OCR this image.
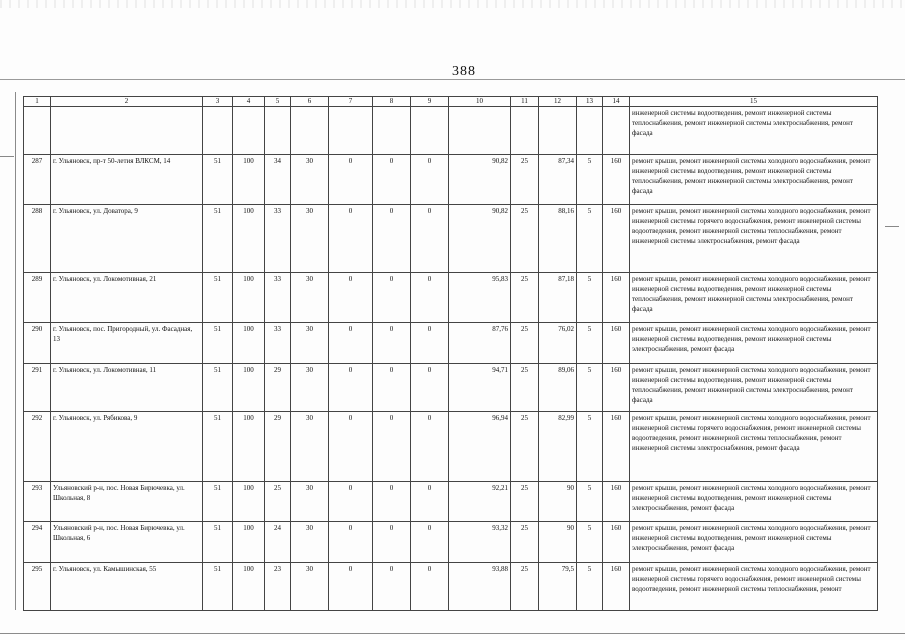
388
1	2	3	4	5	6	7	8	9	10	11	12	13	14	15
														инженерной системы водоотведения, ремонт инженерной системы теплоснабжения, ремонт инженерной системы электроснабжения, ремонт фасада
287	г. Ульяновск, пр-т 50-летия ВЛКСМ, 14	51	100	34	30	0	0	0	90,82	25	87,34	5	160	ремонт крыши, ремонт инженерной системы холодного водоснабжения, ремонт инженерной системы водоотведения, ремонт инженерной системы теплоснабжения, ремонт инженерной системы электроснабжения, ремонт фасада
288	г. Ульяновск, ул. Доватора, 9	51	100	33	30	0	0	0	90,82	25	88,16	5	160	ремонт крыши, ремонт инженерной системы холодного водоснабжения, ремонт инженерной системы горячего водоснабжения, ремонт инженерной системы водоотведения, ремонт инженерной системы теплоснабжения, ремонт инженерной системы электроснабжения, ремонт фасада
289	г. Ульяновск, ул. Локомотивная, 21	51	100	33	30	0	0	0	95,83	25	87,18	5	160	ремонт крыши, ремонт инженерной системы холодного водоснабжения, ремонт инженерной системы водоотведения, ремонт инженерной системы теплоснабжения, ремонт инженерной системы электроснабжения, ремонт фасада
290	г. Ульяновск, пос. Пригородный, ул. Фасадная, 13	51	100	33	30	0	0	0	87,76	25	76,02	5	160	ремонт крыши, ремонт инженерной системы холодного водоснабжения, ремонт инженерной системы водоотведения, ремонт инженерной системы электроснабжения, ремонт фасада
291	г. Ульяновск, ул. Локомотивная, 11	51	100	29	30	0	0	0	94,71	25	89,06	5	160	ремонт крыши, ремонт инженерной системы холодного водоснабжения, ремонт инженерной системы водоотведения, ремонт инженерной системы теплоснабжения, ремонт инженерной системы электроснабжения, ремонт фасада
292	г. Ульяновск, ул. Рябикова, 9	51	100	29	30	0	0	0	96,94	25	82,99	5	160	ремонт крыши, ремонт инженерной системы холодного водоснабжения, ремонт инженерной системы горячего водоснабжения, ремонт инженерной системы водоотведения, ремонт инженерной системы теплоснабжения, ремонт инженерной системы электроснабжения, ремонт фасада
293	Ульяновский р-н, пос. Новая Бирючевка, ул. Школьная, 8	51	100	25	30	0	0	0	92,21	25	90	5	160	ремонт крыши, ремонт инженерной системы холодного водоснабжения, ремонт инженерной системы водоотведения, ремонт инженерной системы электроснабжения, ремонт фасада
294	Ульяновский р-н, пос. Новая Бирючевка, ул. Школьная, 6	51	100	24	30	0	0	0	93,32	25	90	5	160	ремонт крыши, ремонт инженерной системы холодного водоснабжения, ремонт инженерной системы водоотведения, ремонт инженерной системы электроснабжения, ремонт фасада
295	г. Ульяновск, ул. Камышинская, 55	51	100	23	30	0	0	0	93,88	25	79,5	5	160	ремонт крыши, ремонт инженерной системы холодного водоснабжения, ремонт инженерной системы горячего водоснабжения, ремонт инженерной системы водоотведения, ремонт инженерной системы теплоснабжения, ремонт
